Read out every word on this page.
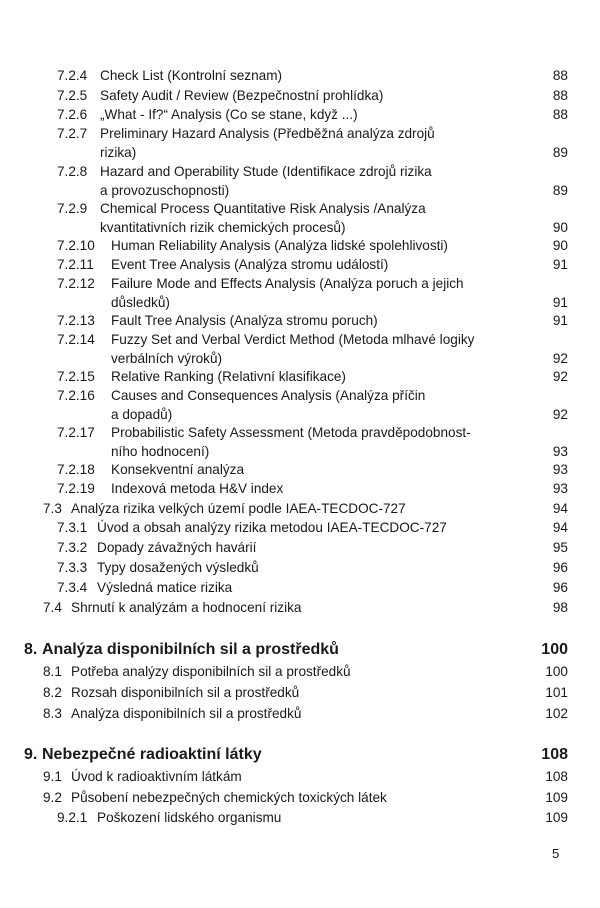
7.2.4 Check List (Kontrolní seznam)	88
7.2.5 Safety Audit / Review (Bezpečnostní prohlídka)	88
7.2.6 „What - If?“ Analysis (Co se stane, když ...)	88
7.2.7 Preliminary Hazard Analysis (Předběžná analýza zdrojů
rizika)	89
7.2.8 Hazard and Operability Stude (Identifikace zdrojů rizika
a provozuschopnosti)	89
7.2.9 Chemical Process Quantitative Risk Analysis /Analýza
kvantitativních rizik chemických procesů)	90
7.2.10	Human Reliability Analysis (Analýza lidské spolehlivosti)	90
7.2.11	Event Tree Analysis (Analýza stromu událostí)	91
7.2.12	Failure Mode and Effects Analysis (Analýza poruch a jejich
důsledků)	91
7.2.13	Fault Tree Analysis (Analýza stromu poruch)	91
7.2.14	Fuzzy Set and Verbal Verdict Method (Metoda mlhavé logiky
verbálních výroků)	92
7.2.15	Relative Ranking (Relativní klasifikace)	92
7.2.16	Causes and Consequences Analysis (Analýza příčin
a dopadů)	92
7.2.17	Probabilistic Safety Assessment (Metoda pravděpodobnost-
ního hodnocení)	93
7.2.18	Konsekventní analýza	93
7.2.19	Indexová metoda H&V index	93
7.3 Analýza rizika velkých území podle IAEA-TECDOC-727	94
7.3.1 Úvod a obsah analýzy rizika metodou IAEA-TECDOC-727	94
7.3.2 Dopady závažných havárií	95
7.3.3 Typy dosažených výsledků	96
7.3.4 Výsledná matice rizika	96
7.4 Shrnutí k analýzám a hodnocení rizika	98
8. Analýza disponibilních sil a prostředků	100
8.1 Potřeba analýzy disponibilních sil a prostředků	100
8.2 Rozsah disponibilních sil a prostředků	101
8.3 Analýza disponibilních sil a prostředků	102
9. Nebezpečné radioaktiní látky	108
9.1 Úvod k radioaktivním látkám	108
9.2 Působení nebezpečných chemických toxických látek	109
9.2.1 Poškození lidského organismu	109
5
